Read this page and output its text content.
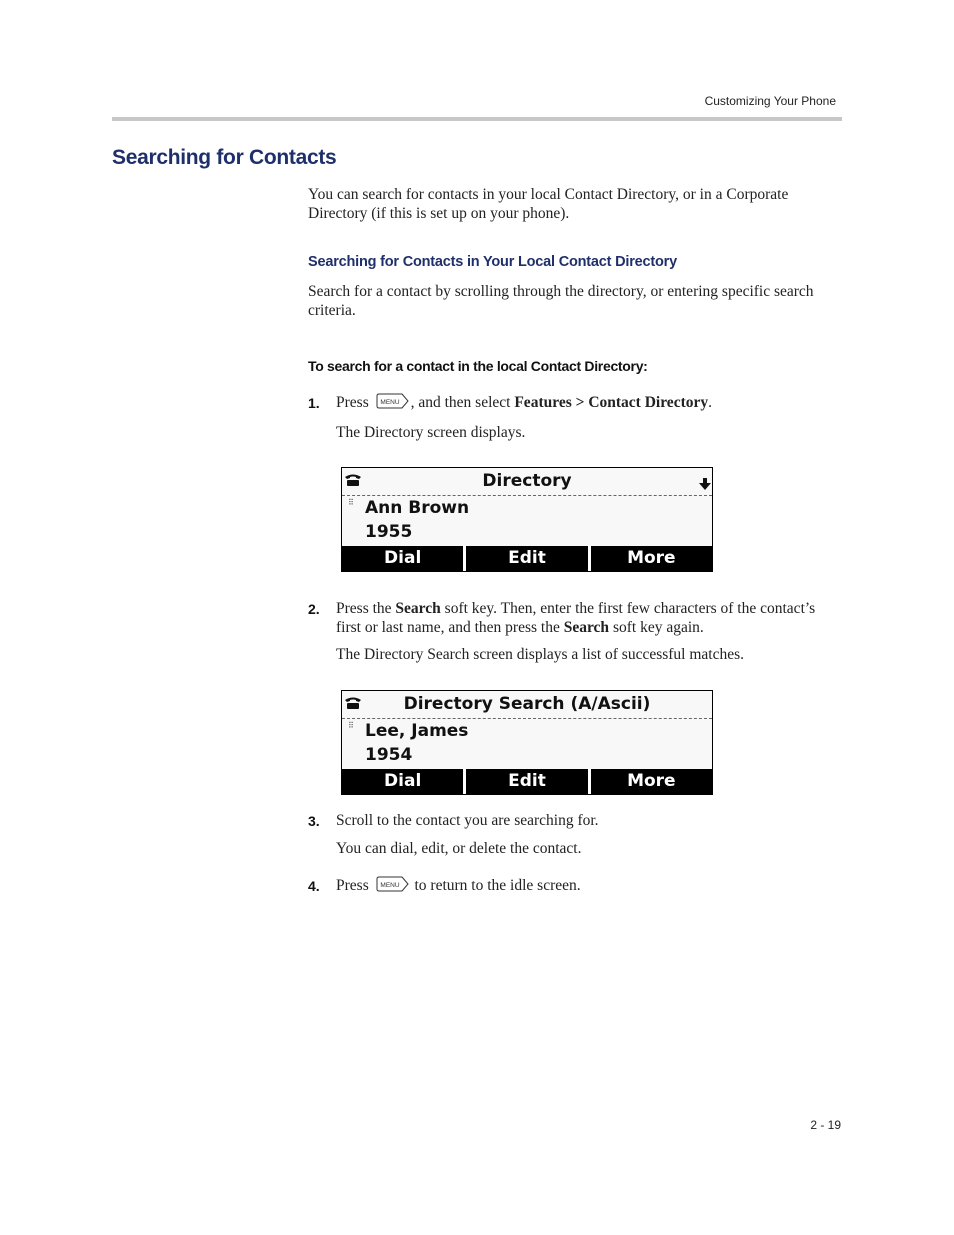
Customizing Your Phone
Searching for Contacts

You can search for contacts in your local Contact Directory, or in a Corporate Directory (if this is set up on your phone).

Searching for Contacts in Your Local Contact Directory

Search for a contact by scrolling through the directory, or entering specific search criteria.

To search for a contact in the local Contact Directory:
1. Press MENU , and then select Features > Contact Directory.

The Directory screen displays.

Directory
⠿ Ann Brown
1955
Dial	Edit	More
2. Press the Search soft key. Then, enter the first few characters of the contact’s first or last name, and then press the Search soft key again.

The Directory Search screen displays a list of successful matches.

Directory Search (A/Ascii)
⠿ Lee, James
1954
Dial	Edit	More
3. Scroll to the contact you are searching for.

You can dial, edit, or delete the contact.

4. Press MENU to return to the idle screen.

2 - 19
